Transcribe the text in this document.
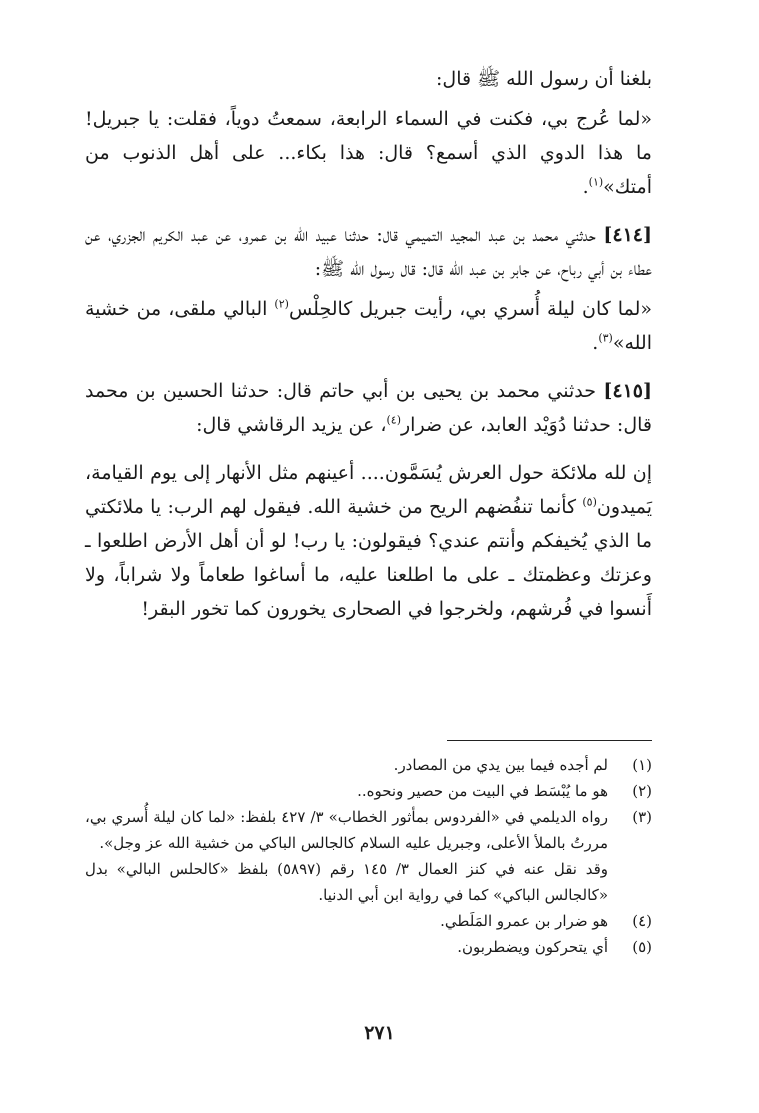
بلغنا أن رسول الله ﷺ قال:

«لما عُرج بي، فكنت في السماء الرابعة، سمعتُ دوياً، فقلت: يا جبريل! ما هذا الدوي الذي أسمع؟ قال: هذا بكاء... على أهل الذنوب من أمتك»$^{(١)}$.

[٤١٤] حدثني محمد بن عبد المجيد التميمي قال: حدثنا عبيد الله بن عمرو، عن عبد الكريم الجزري، عن عطاء بن أبي رباح، عن جابر بن عبد الله قال: قال رسول الله ﷺ:

«لما كان ليلة أُسري بي، رأيت جبريل كالحِلْس$^{(٢)}$ البالي ملقى، من خشية الله»$^{(٣)}$.

[٤١٥] حدثني محمد بن يحيى بن أبي حاتم قال: حدثنا الحسين بن محمد قال: حدثنا دُوَيْد العابد، عن ضرار$^{(٤)}$، عن يزيد الرقاشي قال:

إن لله ملائكة حول العرش يُسَمَّون.... أعينهم مثل الأنهار إلى يوم القيامة، يَميدون$^{(٥)}$ كأنما تنفُضهم الريح من خشية الله. فيقول لهم الرب: يا ملائكتي ما الذي يُخيفكم وأنتم عندي؟ فيقولون: يا رب! لو أن أهل الأرض اطلعوا ـ وعزتك وعظمتك ـ على ما اطلعنا عليه، ما أساغوا طعاماً ولا شراباً، ولا أَنسوا في فُرشهم، ولخرجوا في الصحارى يخورون كما تخور البقر!

(١)
لم أجده فيما بين يدي من المصادر.
(٢)
هو ما يُبْسَط في البيت من حصير ونحوه..
(٣)
رواه الديلمي في «الفردوس بمأثور الخطاب» ٣/ ٤٢٧ بلفظ: «لما كان ليلة أُسري بي، مررتُ بالملأ الأعلى، وجبريل عليه السلام كالجالس الباكي من خشية الله عز وجل».
وقد نقل عنه في كنز العمال ٣/ ١٤٥ رقم (٥٨٩٧) بلفظ «كالحلس البالي» بدل «كالجالس الباكي» كما في رواية ابن أبي الدنيا.
(٤)
هو ضرار بن عمرو المَلَطي.
(٥)
أي يتحركون ويضطربون.
٢٧١
